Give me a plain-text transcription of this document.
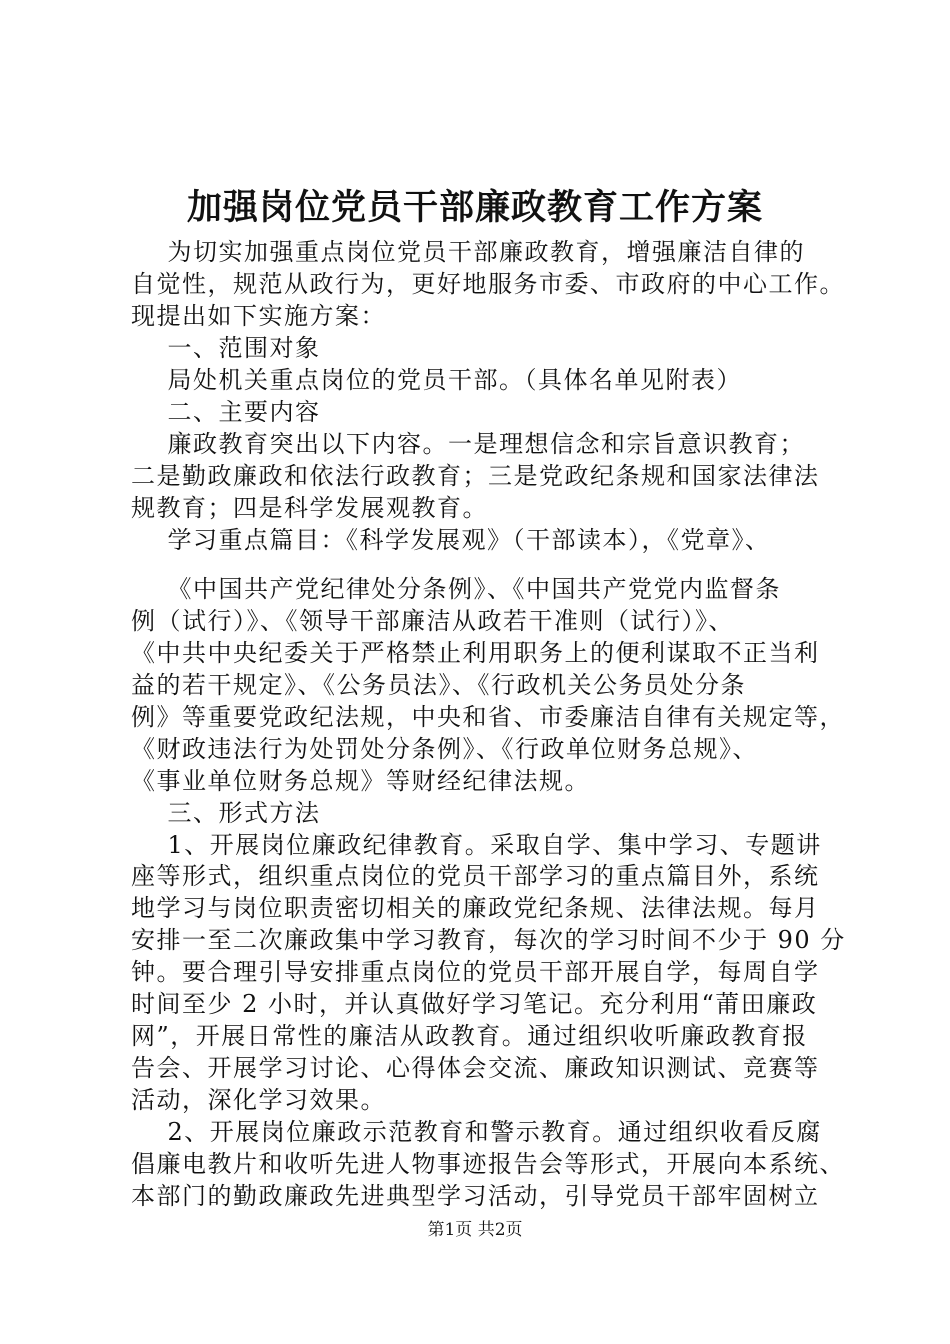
加强岗位党员干部廉政教育工作方案
为切实加强重点岗位党员干部廉政教育，增强廉洁自律的
自觉性，规范从政行为，更好地服务市委、市政府的中心工作。
现提出如下实施方案：
一、范围对象
局处机关重点岗位的党员干部。（具体名单见附表）
二、主要内容
廉政教育突出以下内容。一是理想信念和宗旨意识教育；
二是勤政廉政和依法行政教育；三是党政纪条规和国家法律法
规教育；四是科学发展观教育。
学习重点篇目：《科学发展观》（干部读本），《党章》、
《中国共产党纪律处分条例》、《中国共产党党内监督条
例（试行）》、《领导干部廉洁从政若干准则（试行）》、
《中共中央纪委关于严格禁止利用职务上的便利谋取不正当利
益的若干规定》、《公务员法》、《行政机关公务员处分条
例》等重要党政纪法规，中央和省、市委廉洁自律有关规定等，
《财政违法行为处罚处分条例》、《行政单位财务总规》、
《事业单位财务总规》等财经纪律法规。
三、形式方法
1、开展岗位廉政纪律教育。采取自学、集中学习、专题讲
座等形式，组织重点岗位的党员干部学习的重点篇目外，系统
地学习与岗位职责密切相关的廉政党纪条规、法律法规。每月
安排一至二次廉政集中学习教育，每次的学习时间不少于 90 分
钟。要合理引导安排重点岗位的党员干部开展自学，每周自学
时间至少 2 小时，并认真做好学习笔记。充分利用“莆田廉政
网”，开展日常性的廉洁从政教育。通过组织收听廉政教育报
告会、开展学习讨论、心得体会交流、廉政知识测试、竞赛等
活动，深化学习效果。
2、开展岗位廉政示范教育和警示教育。通过组织收看反腐
倡廉电教片和收听先进人物事迹报告会等形式，开展向本系统、
本部门的勤政廉政先进典型学习活动，引导党员干部牢固树立
第1页 共2页
